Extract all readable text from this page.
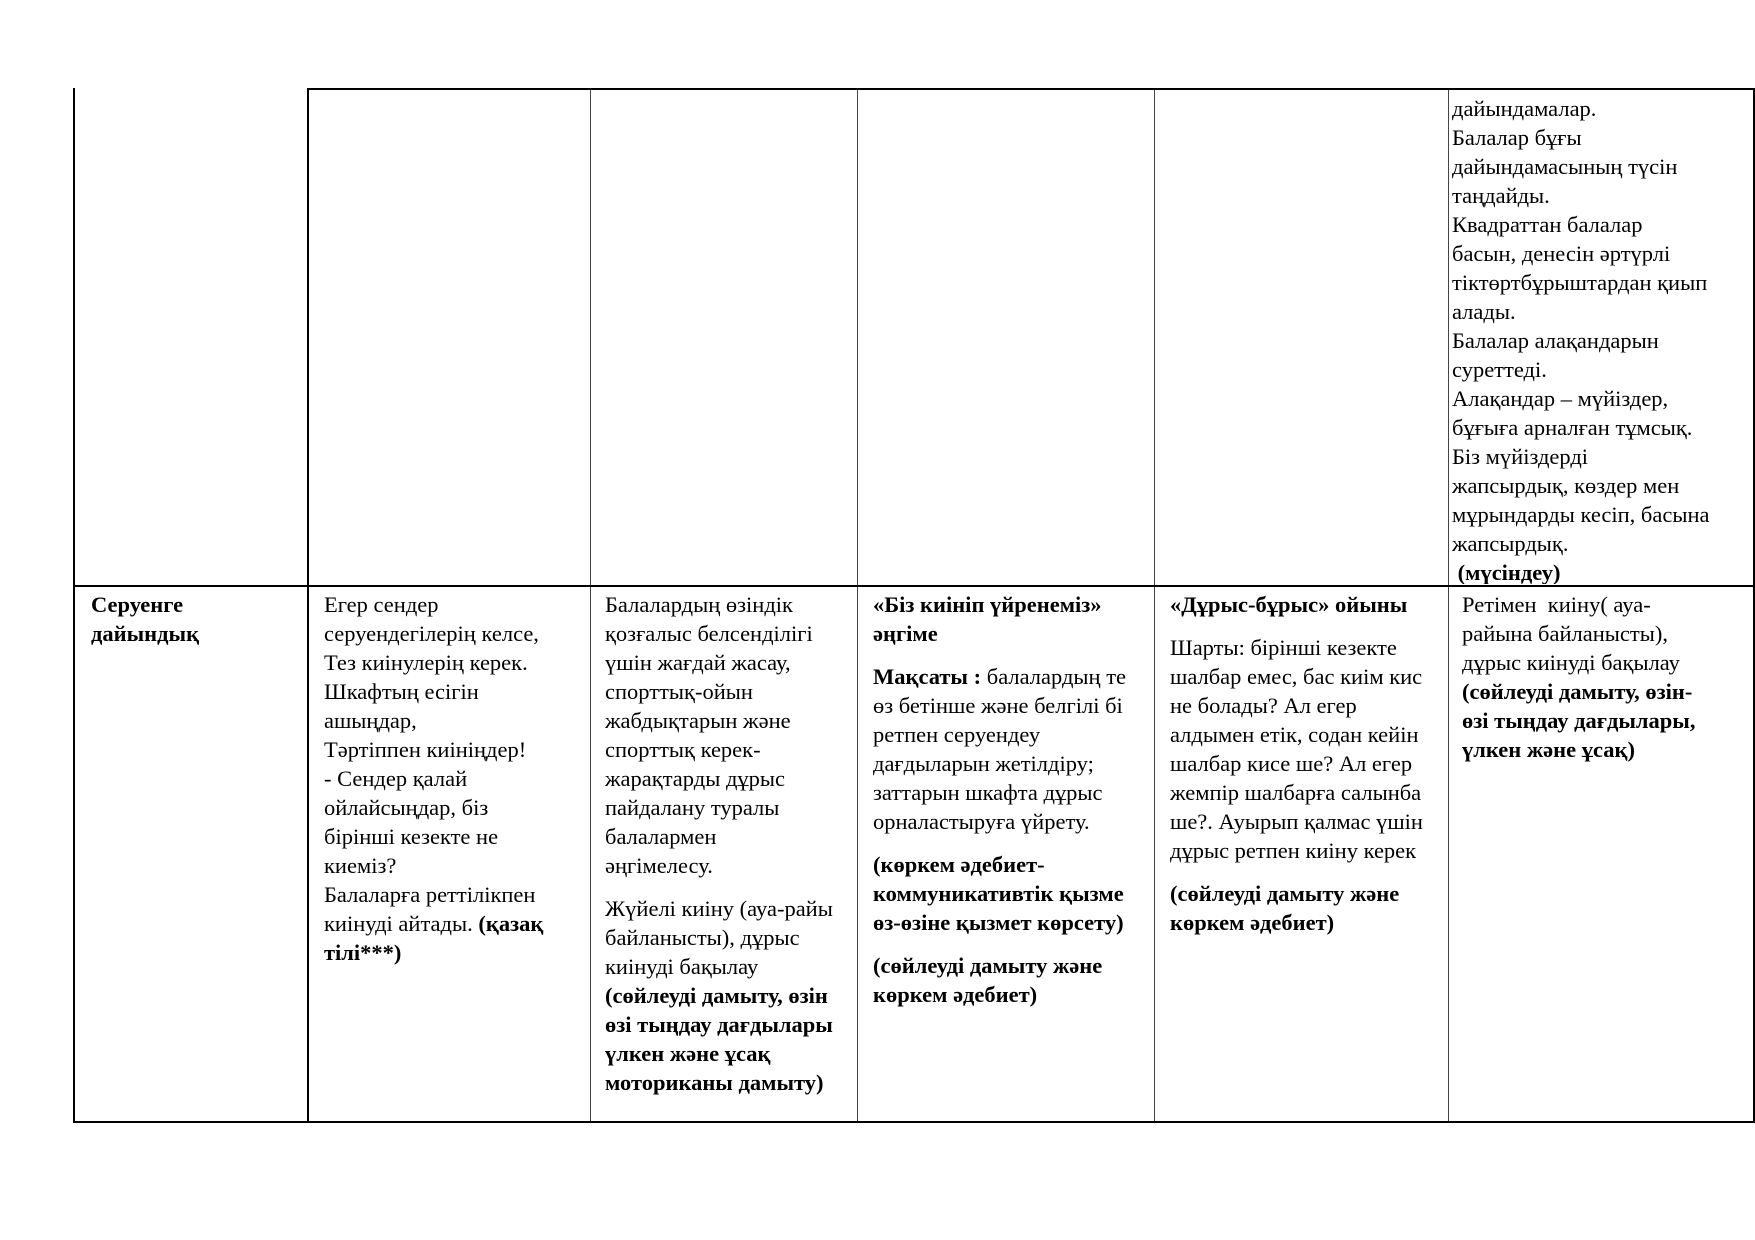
дайындамалар.

Балалар бұғы

дайындамасының түсін

таңдайды.

Квадраттан балалар

басын, денесін әртүрлі

тіктөртбұрыштардан қиып

алады.

Балалар алақандарын

суреттеді.

Алақандар – мүйіздер,

бұғыға арналған тұмсық.

Біз мүйіздерді

жапсырдық, көздер мен

мұрындарды кесіп, басына

жапсырдық.

(мүсіндеу)

Серуенге

дайындық

Егер сендер

серуендегілерің келсе,

Тез киінулерің керек.

Шкафтың есігін

ашыңдар,

Тәртіппен киініңдер!

- Сендер қалай

ойлайсыңдар, біз

бірінші кезекте не

киеміз?

Балаларға реттілікпен

киінуді айтады. (қазақ

тілі***)

Балалардың өзіндік

қозғалыс белсенділігі

үшін жағдай жасау,

спорттық-ойын

жабдықтарын және

спорттық керек-

жарақтарды дұрыс

пайдалану туралы

балалармен

әңгімелесу.

Жүйелі киіну (ауа-райы

байланысты), дұрыс

киінуді бақылау

(сөйлеуді дамыту, өзін

өзі тыңдау дағдылары

үлкен және ұсақ

моториканы дамыту)

«Біз киініп үйренеміз»

әңгіме

Мақсаты : балалардың те

өз бетінше және белгілі бі

ретпен серуендеу

дағдыларын жетілдіру;

заттарын шкафта дұрыс

орналастыруға үйрету.

(көркем әдебиет-

коммуникативтік қызме

өз-өзіне қызмет көрсету)

(сөйлеуді дамыту және

көркем әдебиет)

«Дұрыс-бұрыс» ойыны

Шарты: бірінші кезекте

шалбар емес, бас киім кис

не болады? Ал егер

алдымен етік, содан кейін

шалбар кисе ше? Ал егер

жемпір шалбарға салынба

ше?. Ауырып қалмас үшін

дұрыс ретпен киіну керек

(сөйлеуді дамыту және

көркем әдебиет)

Ретімен  киіну( ауа-

райына байланысты),

дұрыс киінуді бақылау

(сөйлеуді дамыту, өзін-

өзі тыңдау дағдылары,

үлкен және ұсақ)
